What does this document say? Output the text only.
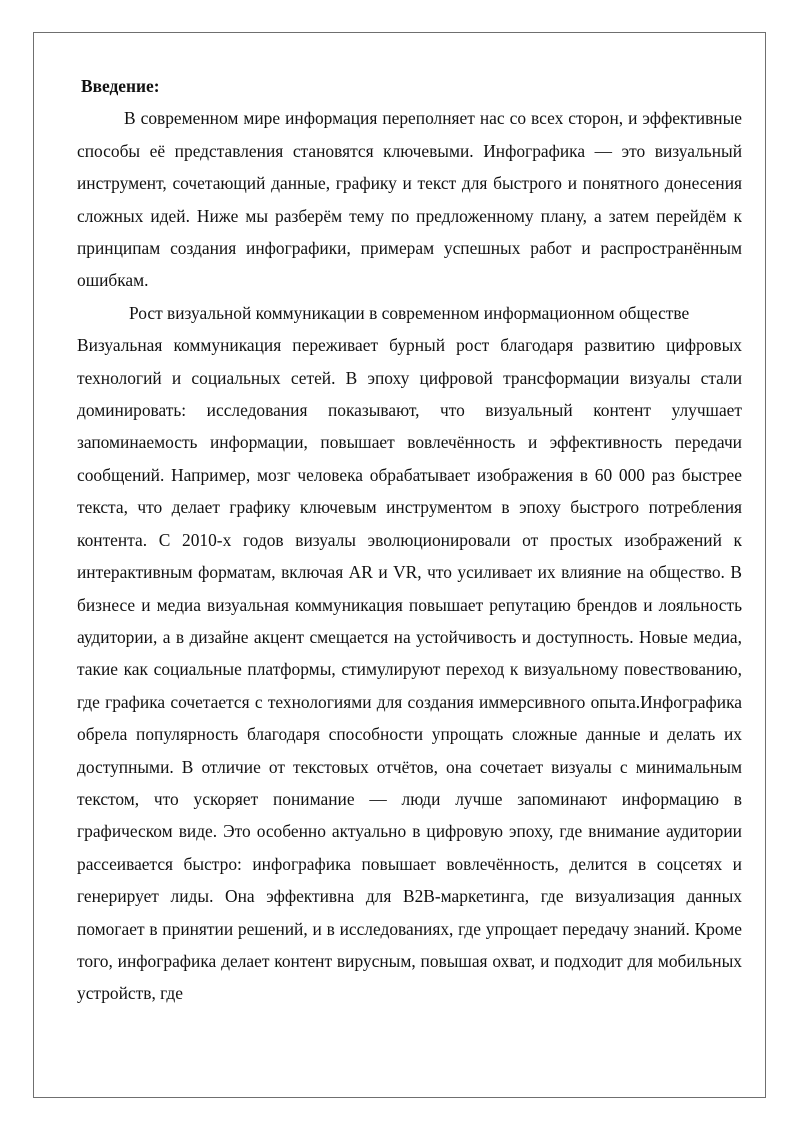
Введение:

В современном мире информация переполняет нас со всех сторон, и эффективные способы её представления становятся ключевыми. Инфографика — это визуальный инструмент, сочетающий данные, графику и текст для быстрого и понятного донесения сложных идей. Ниже мы разберём тему по предложенному плану, а затем перейдём к принципам создания инфографики, примерам успешных работ и распространённым ошибкам.

Рост визуальной коммуникации в современном информационном обществе

Визуальная коммуникация переживает бурный рост благодаря развитию цифровых технологий и социальных сетей. В эпоху цифровой трансформации визуалы стали доминировать: исследования показывают, что визуальный контент улучшает запоминаемость информации, повышает вовлечённость и эффективность передачи сообщений. Например, мозг человека обрабатывает изображения в 60 000 раз быстрее текста, что делает графику ключевым инструментом в эпоху быстрого потребления контента. С 2010-х годов визуалы эволюционировали от простых изображений к интерактивным форматам, включая AR и VR, что усиливает их влияние на общество. В бизнесе и медиа визуальная коммуникация повышает репутацию брендов и лояльность аудитории, а в дизайне акцент смещается на устойчивость и доступность. Новые медиа, такие как социальные платформы, стимулируют переход к визуальному повествованию, где графика сочетается с технологиями для создания иммерсивного опыта.Инфографика обрела популярность благодаря способности упрощать сложные данные и делать их доступными. В отличие от текстовых отчётов, она сочетает визуалы с минимальным текстом, что ускоряет понимание — люди лучше запоминают информацию в графическом виде. Это особенно актуально в цифровую эпоху, где внимание аудитории рассеивается быстро: инфографика повышает вовлечённость, делится в соцсетях и генерирует лиды. Она эффективна для B2B-маркетинга, где визуализация данных помогает в принятии решений, и в исследованиях, где упрощает передачу знаний. Кроме того, инфографика делает контент вирусным, повышая охват, и подходит для мобильных устройств, где
